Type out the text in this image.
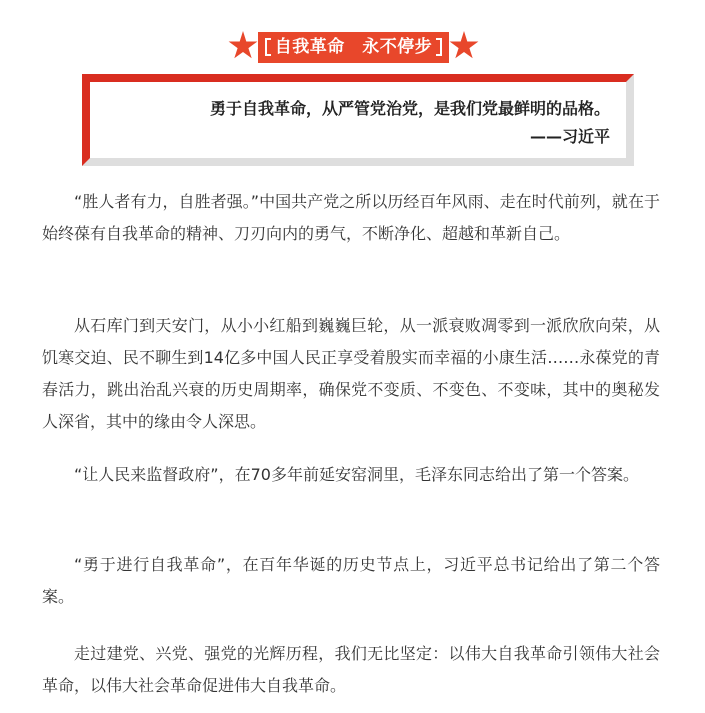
自我革命　永不停步
勇于自我革命，从严管党治党，是我们党最鲜明的品格。
——习近平

“胜人者有力，自胜者强。”中国共产党之所以历经百年风雨、走在时代前列，就在于始终葆有自我革命的精神、刀刃向内的勇气，不断净化、超越和革新自己。

从石库门到天安门，从小小红船到巍巍巨轮，从一派衰败凋零到一派欣欣向荣，从饥寒交迫、民不聊生到14亿多中国人民正享受着殷实而幸福的小康生活……永葆党的青春活力，跳出治乱兴衰的历史周期率，确保党不变质、不变色、不变味，其中的奥秘发人深省，其中的缘由令人深思。

“让人民来监督政府”，在70多年前延安窑洞里，毛泽东同志给出了第一个答案。

“勇于进行自我革命”，在百年华诞的历史节点上，习近平总书记给出了第二个答案。

走过建党、兴党、强党的光辉历程，我们无比坚定：以伟大自我革命引领伟大社会革命，以伟大社会革命促进伟大自我革命。
